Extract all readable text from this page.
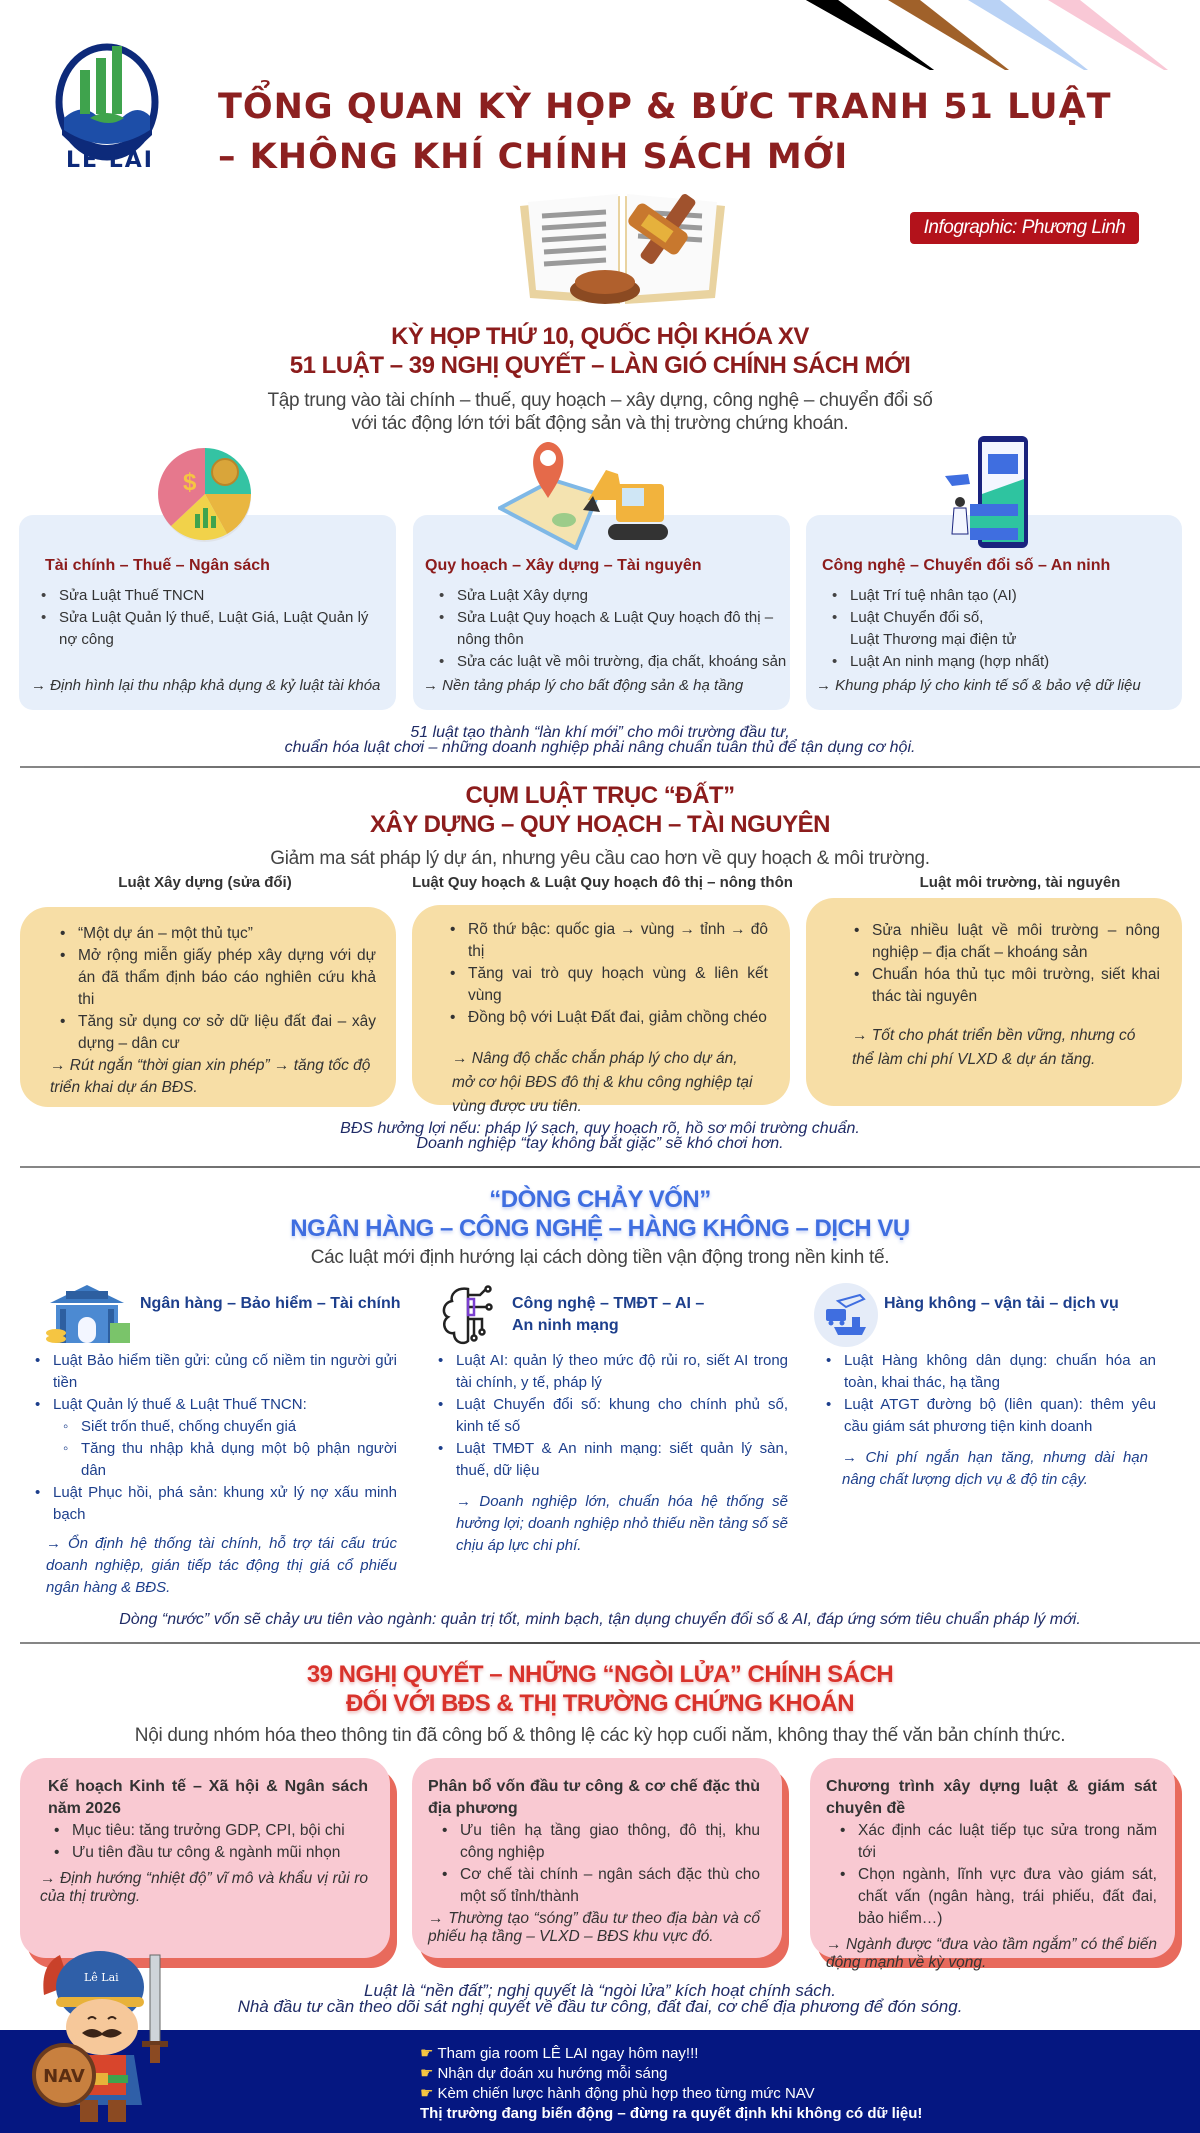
LE LAI
TỔNG QUAN KỲ HỌP & BỨC TRANH 51 LUẬT
– KHÔNG KHÍ CHÍNH SÁCH MỚI
Infographic: Phương Linh
KỲ HỌP THỨ 10, QUỐC HỘI KHÓA XV
51 LUẬT – 39 NGHỊ QUYẾT – LÀN GIÓ CHÍNH SÁCH MỚI
Tập trung vào tài chính – thuế, quy hoạch – xây dựng, công nghệ – chuyển đổi số
với tác động lớn tới bất động sản và thị trường chứng khoán.
Tài chính – Thuế – Ngân sách
• Sửa Luật Thuế TNCN
• Sửa Luật Quản lý thuế, Luật Giá, Luật Quản lý nợ công
→ Định hình lại thu nhập khả dụng & kỷ luật tài khóa
$
Quy hoạch – Xây dựng – Tài nguyên
• Sửa Luật Xây dựng
• Sửa Luật Quy hoạch & Luật Quy hoạch đô thị – nông thôn
• Sửa các luật về môi trường, địa chất, khoáng sản
→ Nền tảng pháp lý cho bất động sản & hạ tầng
Công nghệ – Chuyển đổi số – An ninh
• Luật Trí tuệ nhân tạo (AI)
• Luật Chuyển đổi số,
Luật Thương mại điện tử
• Luật An ninh mạng (hợp nhất)
→ Khung pháp lý cho kinh tế số & bảo vệ dữ liệu
51 luật tạo thành “làn khí mới” cho môi trường đầu tư,
chuẩn hóa luật chơi – những doanh nghiệp phải nâng chuẩn tuân thủ để tận dụng cơ hội.
CỤM LUẬT TRỤC “ĐẤT”
XÂY DỰNG – QUY HOẠCH – TÀI NGUYÊN
Giảm ma sát pháp lý dự án, nhưng yêu cầu cao hơn về quy hoạch & môi trường.
Luật Xây dựng (sửa đổi)	Luật Quy hoạch & Luật Quy hoạch đô thị – nông thôn	Luật môi trường, tài nguyên
• “Một dự án – một thủ tục”
• Mở rộng miễn giấy phép xây dựng với dự án đã thẩm định báo cáo nghiên cứu khả thi
• Tăng sử dụng cơ sở dữ liệu đất đai – xây dựng – dân cư
→ Rút ngắn “thời gian xin phép” → tăng tốc độ triển khai dự án BĐS.
• Rõ thứ bậc: quốc gia → vùng → tỉnh → đô thị
• Tăng vai trò quy hoạch vùng & liên kết vùng
• Đồng bộ với Luật Đất đai, giảm chồng chéo
→ Nâng độ chắc chắn pháp lý cho dự án, mở cơ hội BĐS đô thị & khu công nghiệp tại vùng được ưu tiên.
• Sửa nhiều luật về môi trường – nông nghiệp – địa chất – khoáng sản
• Chuẩn hóa thủ tục môi trường, siết khai thác tài nguyên
→ Tốt cho phát triển bền vững, nhưng có thể làm chi phí VLXD & dự án tăng.
BĐS hưởng lợi nếu: pháp lý sạch, quy hoạch rõ, hồ sơ môi trường chuẩn.
Doanh nghiệp “tay không bắt giặc” sẽ khó chơi hơn.
“DÒNG CHẢY VỐN”
NGÂN HÀNG – CÔNG NGHỆ – HÀNG KHÔNG – DỊCH VỤ
Các luật mới định hướng lại cách dòng tiền vận động trong nền kinh tế.
Ngân hàng – Bảo hiểm – Tài chính
• Luật Bảo hiểm tiền gửi: củng cố niềm tin người gửi tiền
• Luật Quản lý thuế & Luật Thuế TNCN:
◦ Siết trốn thuế, chống chuyển giá
◦ Tăng thu nhập khả dụng một bộ phận người dân
• Luật Phục hồi, phá sản: khung xử lý nợ xấu minh bạch
→ Ổn định hệ thống tài chính, hỗ trợ tái cấu trúc doanh nghiệp, gián tiếp tác động thị giá cổ phiếu ngân hàng & BĐS.
Công nghệ – TMĐT – AI –
An ninh mạng
• Luật AI: quản lý theo mức độ rủi ro, siết AI trong tài chính, y tế, pháp lý
• Luật Chuyển đổi số: khung cho chính phủ số, kinh tế số
• Luật TMĐT & An ninh mạng: siết quản lý sàn, thuế, dữ liệu
→ Doanh nghiệp lớn, chuẩn hóa hệ thống sẽ hưởng lợi; doanh nghiệp nhỏ thiếu nền tảng số sẽ chịu áp lực chi phí.
Hàng không – vận tải – dịch vụ
• Luật Hàng không dân dụng: chuẩn hóa an toàn, khai thác, hạ tầng
• Luật ATGT đường bộ (liên quan): thêm yêu cầu giám sát phương tiện kinh doanh
→ Chi phí ngắn hạn tăng, nhưng dài hạn nâng chất lượng dịch vụ & độ tin cậy.
Dòng “nước” vốn sẽ chảy ưu tiên vào ngành: quản trị tốt, minh bạch, tận dụng chuyển đổi số & AI, đáp ứng sớm tiêu chuẩn pháp lý mới.
39 NGHỊ QUYẾT – NHỮNG “NGÒI LỬA” CHÍNH SÁCH
ĐỐI VỚI BĐS & THỊ TRƯỜNG CHỨNG KHOÁN
Nội dung nhóm hóa theo thông tin đã công bố & thông lệ các kỳ họp cuối năm, không thay thế văn bản chính thức.
Kế hoạch Kinh tế – Xã hội & Ngân sách năm 2026
• Mục tiêu: tăng trưởng GDP, CPI, bội chi
• Ưu tiên đầu tư công & ngành mũi nhọn
→ Định hướng “nhiệt độ” vĩ mô và khẩu vị rủi ro của thị trường.
Phân bổ vốn đầu tư công & cơ chế đặc thù địa phương
• Ưu tiên hạ tầng giao thông, đô thị, khu công nghiệp
• Cơ chế tài chính – ngân sách đặc thù cho một số tỉnh/thành
→ Thường tạo “sóng” đầu tư theo địa bàn và cổ phiếu hạ tầng – VLXD – BĐS khu vực đó.
Chương trình xây dựng luật & giám sát chuyên đề
• Xác định các luật tiếp tục sửa trong năm tới
• Chọn ngành, lĩnh vực đưa vào giám sát, chất vấn (ngân hàng, trái phiếu, đất đai, bảo hiểm…)
→ Ngành được “đưa vào tầm ngắm” có thể biến động mạnh về kỳ vọng.
Luật là “nền đất”; nghị quyết là “ngòi lửa” kích hoạt chính sách.
Nhà đầu tư cần theo dõi sát nghị quyết về đầu tư công, đất đai, cơ chế địa phương để đón sóng.
☛ Tham gia room LÊ LAI ngay hôm nay!!!
☛ Nhận dự đoán xu hướng mỗi sáng
☛ Kèm chiến lược hành động phù hợp theo từng mức NAV
Thị trường đang biến động – đừng ra quyết định khi không có dữ liệu!
Lê Lai
NAV
